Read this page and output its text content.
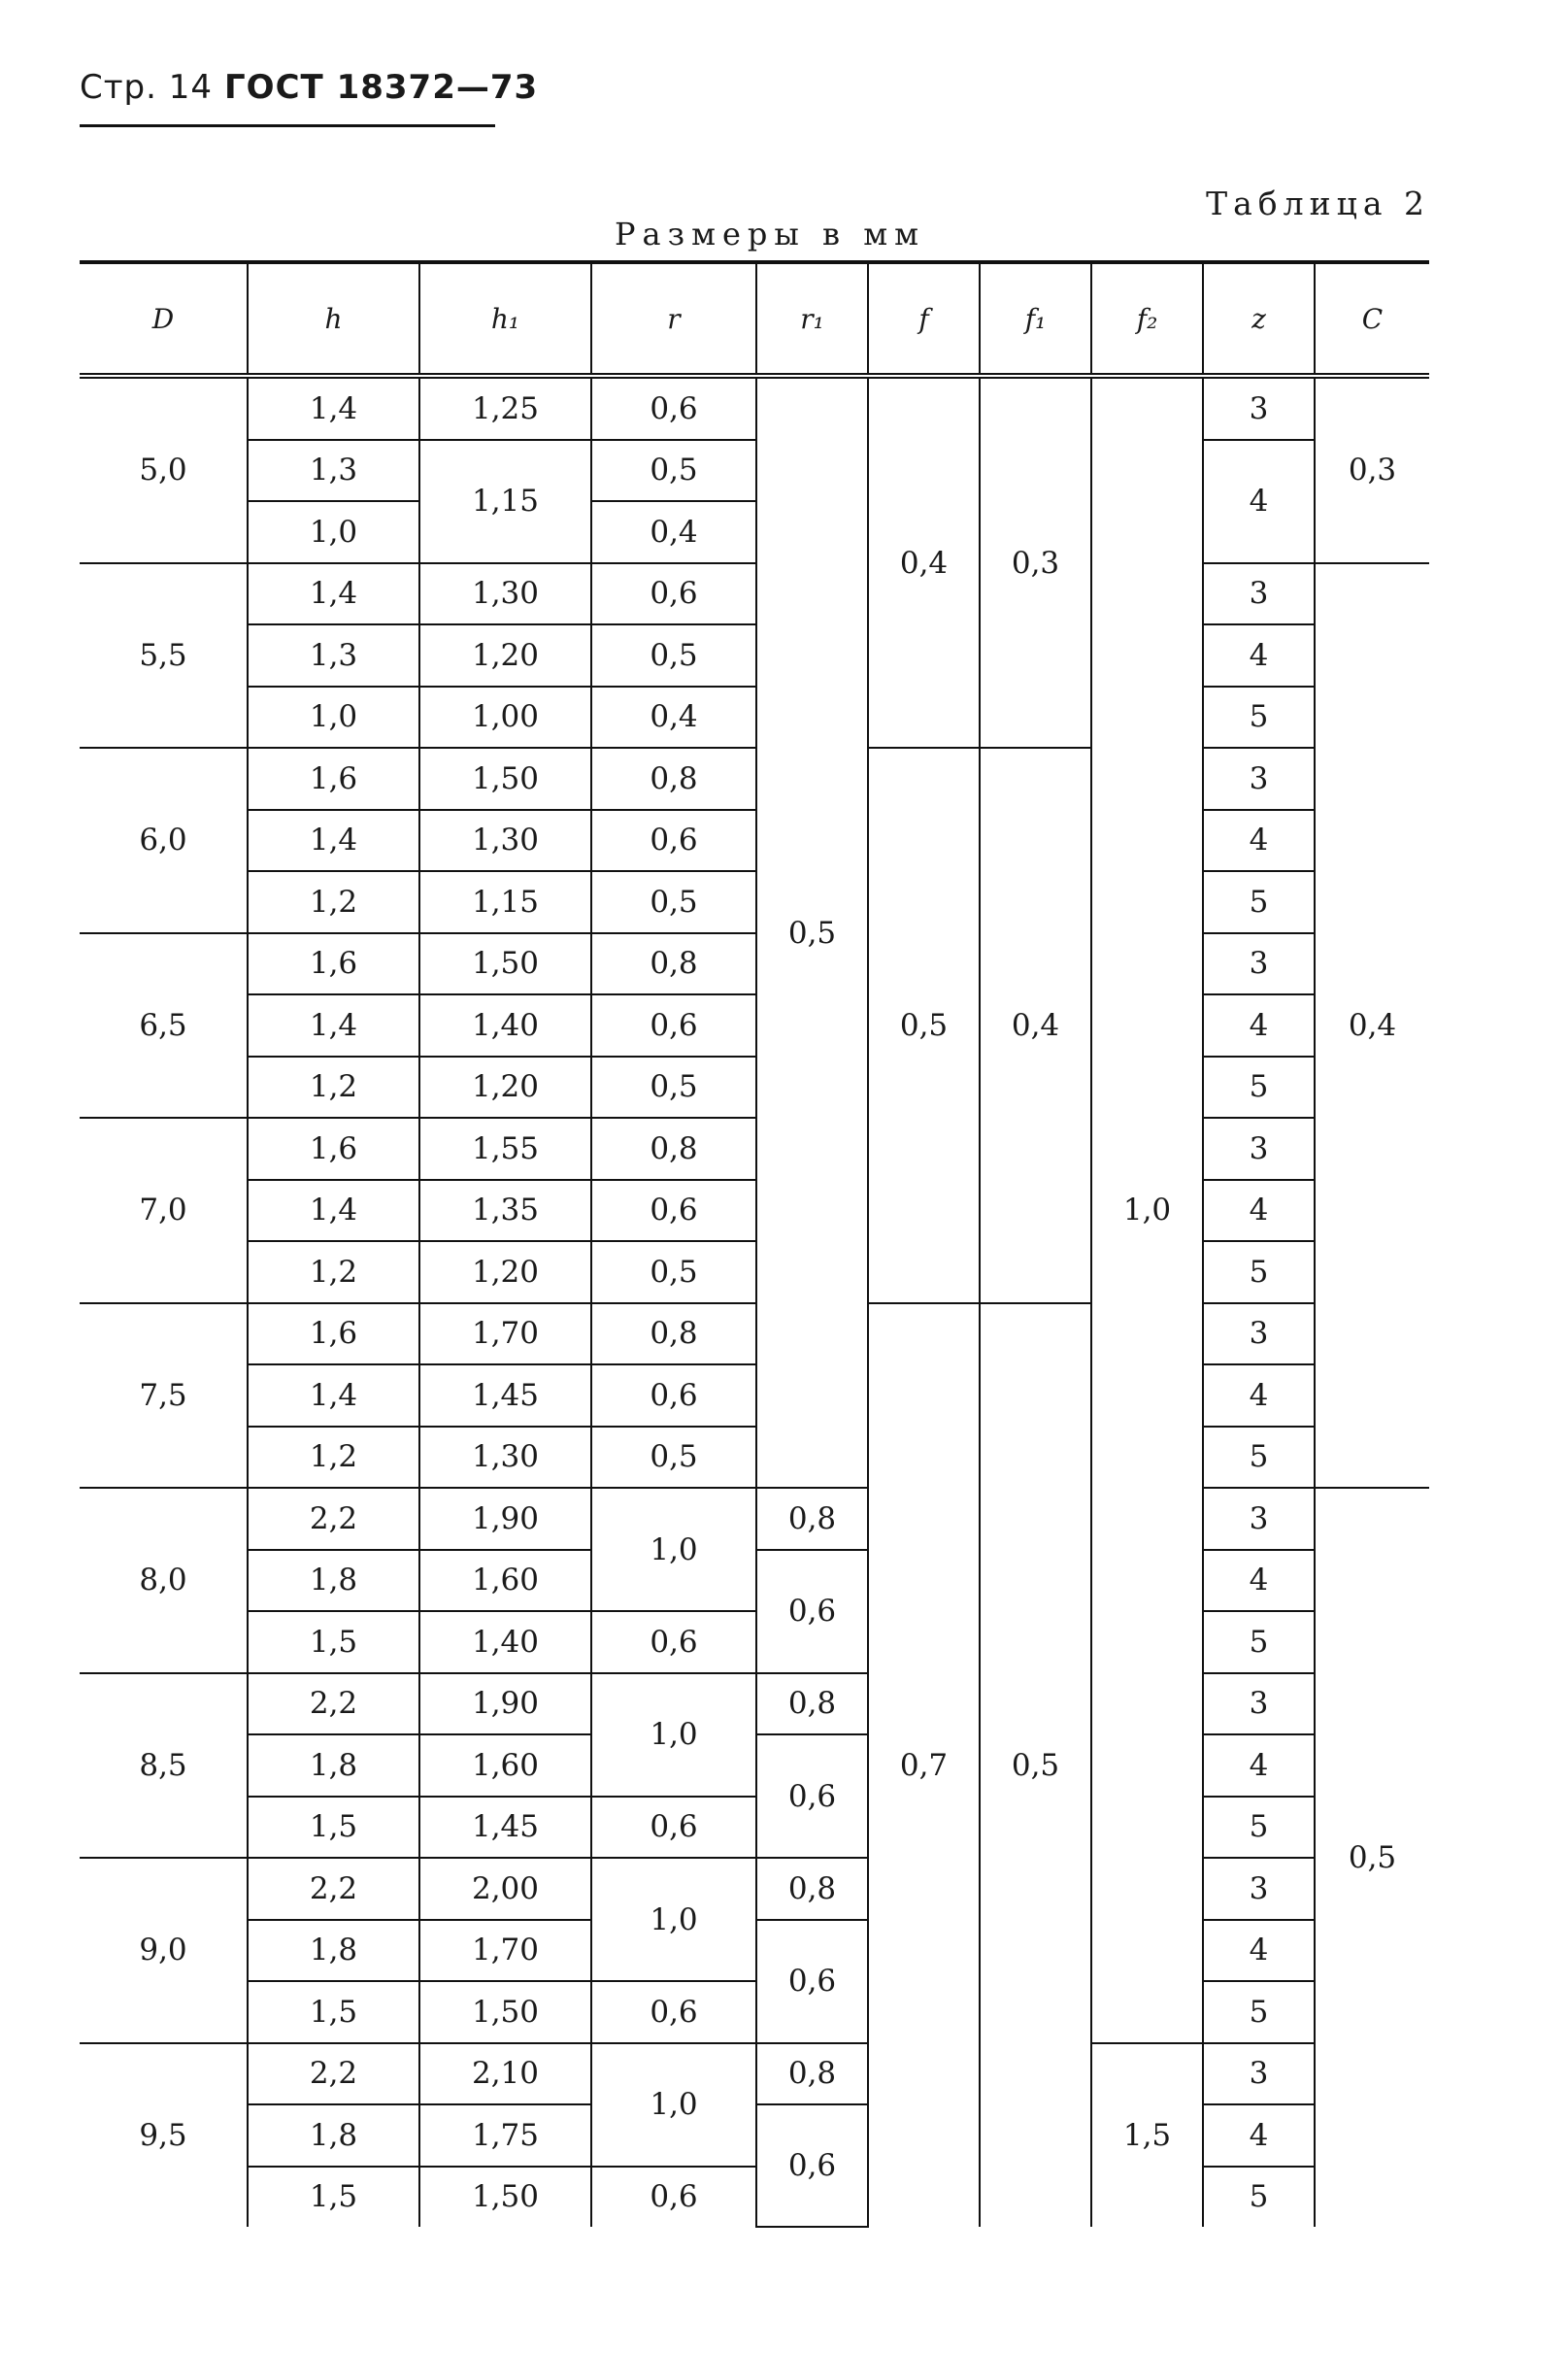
Стр. 14 ГОСТ 18372—73
Таблица 2
Размеры в мм
D	h	h₁	r	r₁	f	f₁	f₂	z	C
5,0	1,4	1,25	0,6	0,5	0,4	0,3	1,0	3	0,3
	1,3	1,15	0,5					4	
	1,0		0,4						
5,5	1,4	1,30	0,6					3	0,4
	1,3	1,20	0,5					4	
	1,0	1,00	0,4					5	
6,0	1,6	1,50	0,8		0,5	0,4		3	
	1,4	1,30	0,6					4	
	1,2	1,15	0,5					5	
6,5	1,6	1,50	0,8					3	
	1,4	1,40	0,6					4	
	1,2	1,20	0,5					5	
7,0	1,6	1,55	0,8					3	
	1,4	1,35	0,6					4	
	1,2	1,20	0,5					5	
7,5	1,6	1,70	0,8		0,7	0,5		3	
	1,4	1,45	0,6					4	
	1,2	1,30	0,5					5	
8,0	2,2	1,90	1,0	0,8				3	0,5
	1,8	1,60		0,6				4	
	1,5	1,40	0,6					5	
8,5	2,2	1,90	1,0	0,8				3	
	1,8	1,60		0,6				4	
	1,5	1,45	0,6					5	
9,0	2,2	2,00	1,0	0,8				3	
	1,8	1,70		0,6				4	
	1,5	1,50	0,6					5	
9,5	2,2	2,10	1,0	0,8			1,5	3	
	1,8	1,75		0,6				4	
	1,5	1,50	0,6					5	
